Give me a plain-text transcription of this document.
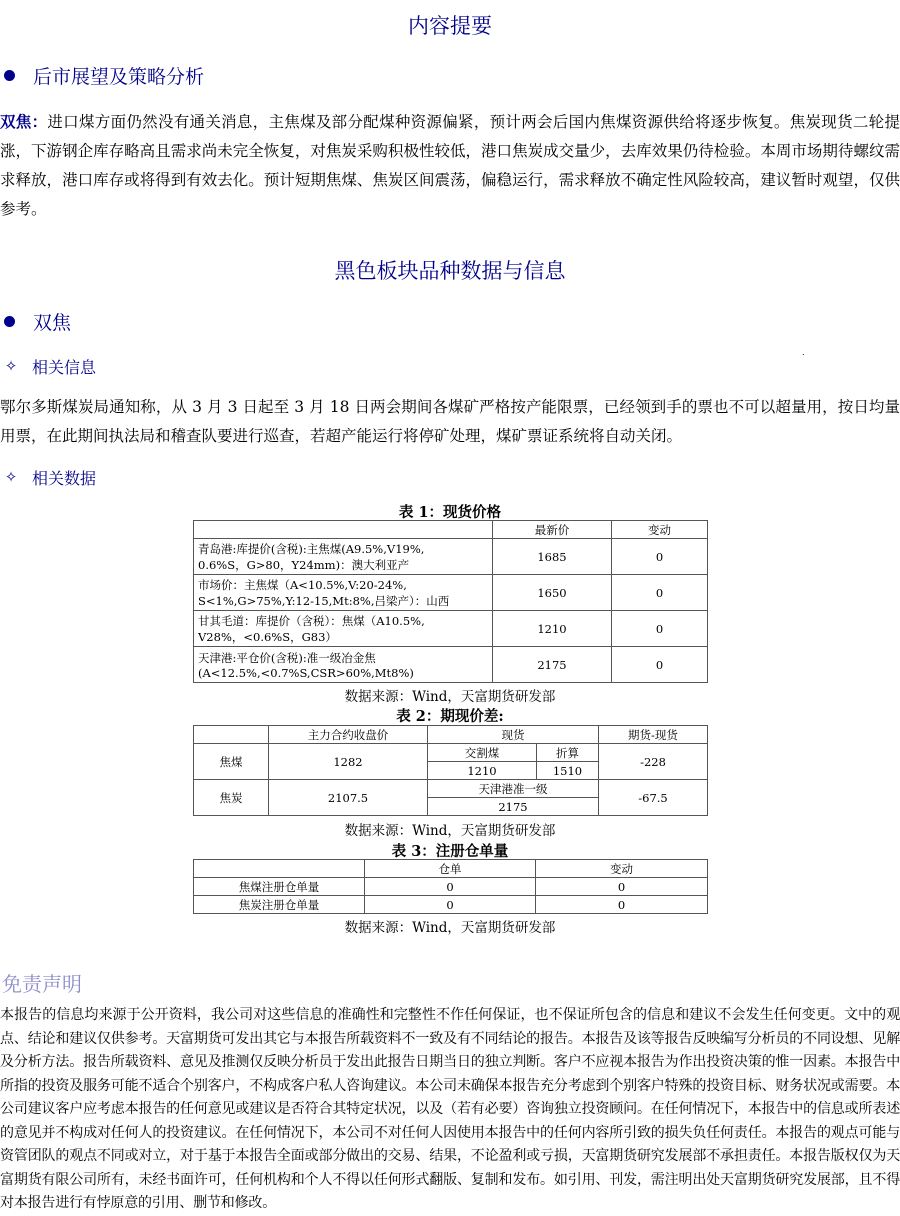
内容提要
后市展望及策略分析
双焦：进口煤方面仍然没有通关消息，主焦煤及部分配煤种资源偏紧，预计两会后国内焦煤资源供给将逐步恢复。焦炭现货二轮提涨，下游钢企库存略高且需求尚未完全恢复，对焦炭采购积极性较低，港口焦炭成交量少，去库效果仍待检验。本周市场期待螺纹需求释放，港口库存或将得到有效去化。预计短期焦煤、焦炭区间震荡，偏稳运行，需求释放不确定性风险较高，建议暂时观望，仅供参考。
黑色板块品种数据与信息
双焦
✧ 相关信息
.
鄂尔多斯煤炭局通知称，从 3 月 3 日起至 3 月 18 日两会期间各煤矿严格按产能限票，已经领到手的票也不可以超量用，按日均量用票，在此期间执法局和稽查队要进行巡查，若超产能运行将停矿处理，煤矿票证系统将自动关闭。
✧ 相关数据
表 1：现货价格
	最新价	变动

青岛港:库提价(含税):主焦煤(A9.5%,V19%,
0.6%S，G>80，Y24mm)：澳大利亚产	1685	0

市场价：主焦煤（A<10.5%,V:20-24%,
S<1%,G>75%,Y:12-15,Mt:8%,吕梁产）：山西	1650	0

甘其毛道：库提价（含税）：焦煤（A10.5%,
V28%，<0.6%S，G83）	1210	0

天津港:平仓价(含税):准一级冶金焦
(A<12.5%,<0.7%S,CSR>60%,Mt8%)	2175	0
数据来源：Wind，天富期货研发部
表 2：期现价差:
	主力合约收盘价	现货		期货-现货
焦煤	1282	交割煤	折算	-228
		1210	1510	
焦炭	2107.5	天津港准一级		-67.5
		2175		
数据来源：Wind，天富期货研发部
表 3：注册仓单量
	仓单	变动
焦煤注册仓单量	0	0
焦炭注册仓单量	0	0
数据来源：Wind，天富期货研发部
免责声明
本报告的信息均来源于公开资料，我公司对这些信息的准确性和完整性不作任何保证，也不保证所包含的信息和建议不会发生任何变更。文中的观点、结论和建议仅供参考。天富期货可发出其它与本报告所载资料不一致及有不同结论的报告。本报告及该等报告反映编写分析员的不同设想、见解及分析方法。报告所载资料、意见及推测仅反映分析员于发出此报告日期当日的独立判断。客户不应视本报告为作出投资决策的惟一因素。本报告中所指的投资及服务可能不适合个别客户，不构成客户私人咨询建议。本公司未确保本报告充分考虑到个别客户特殊的投资目标、财务状况或需要。本公司建议客户应考虑本报告的任何意见或建议是否符合其特定状况，以及（若有必要）咨询独立投资顾问。在任何情况下，本报告中的信息或所表述的意见并不构成对任何人的投资建议。在任何情况下，本公司不对任何人因使用本报告中的任何内容所引致的损失负任何责任。本报告的观点可能与资管团队的观点不同或对立，对于基于本报告全面或部分做出的交易、结果，不论盈利或亏损，天富期货研究发展部不承担责任。本报告版权仅为天富期货有限公司所有，未经书面许可，任何机构和个人不得以任何形式翻版、复制和发布。如引用、刊发，需注明出处天富期货研究发展部，且不得对本报告进行有悖原意的引用、删节和修改。
